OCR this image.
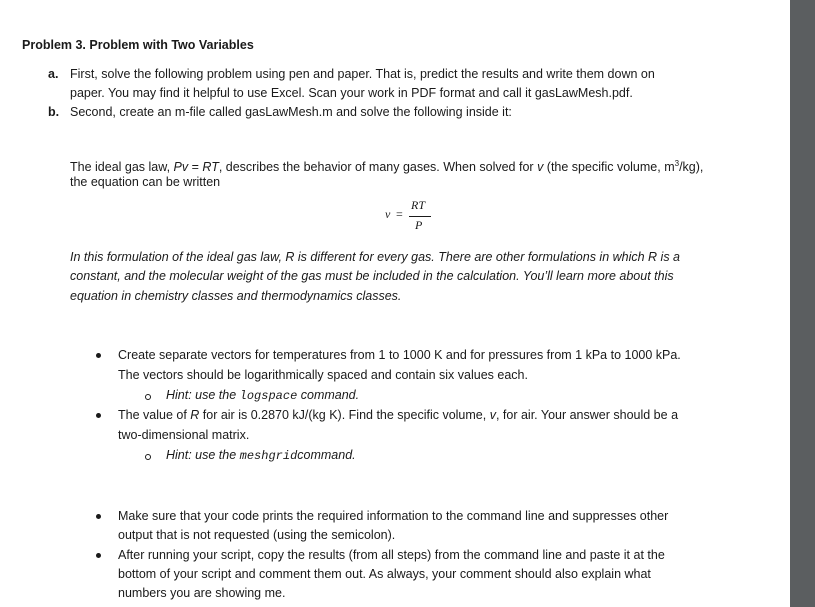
Problem 3. Problem with Two Variables
a. First, solve the following problem using pen and paper. That is, predict the results and write them down on
paper. You may find it helpful to use Excel. Scan your work in PDF format and call it gasLawMesh.pdf.
b. Second, create an m-file called gasLawMesh.m and solve the following inside it:
The ideal gas law, Pv = RT, describes the behavior of many gases. When solved for v (the specific volume, $m^3/kg$),
the equation can be written
v =
RT
P
In this formulation of the ideal gas law, R is different for every gas. There are other formulations in which R is a
constant, and the molecular weight of the gas must be included in the calculation. You’ll learn more about this
equation in chemistry classes and thermodynamics classes.
Create separate vectors for temperatures from 1 to 1000 K and for pressures from 1 kPa to 1000 kPa.
The vectors should be logarithmically spaced and contain six values each.
Hint: use the logspace command.
The value of R for air is 0.2870 kJ/(kg K). Find the specific volume, v, for air. Your answer should be a
two-dimensional matrix.
Hint: use the meshgridcommand.
Make sure that your code prints the required information to the command line and suppresses other
output that is not requested (using the semicolon).
After running your script, copy the results (from all steps) from the command line and paste it at the
bottom of your script and comment them out. As always, your comment should also explain what
numbers you are showing me.
